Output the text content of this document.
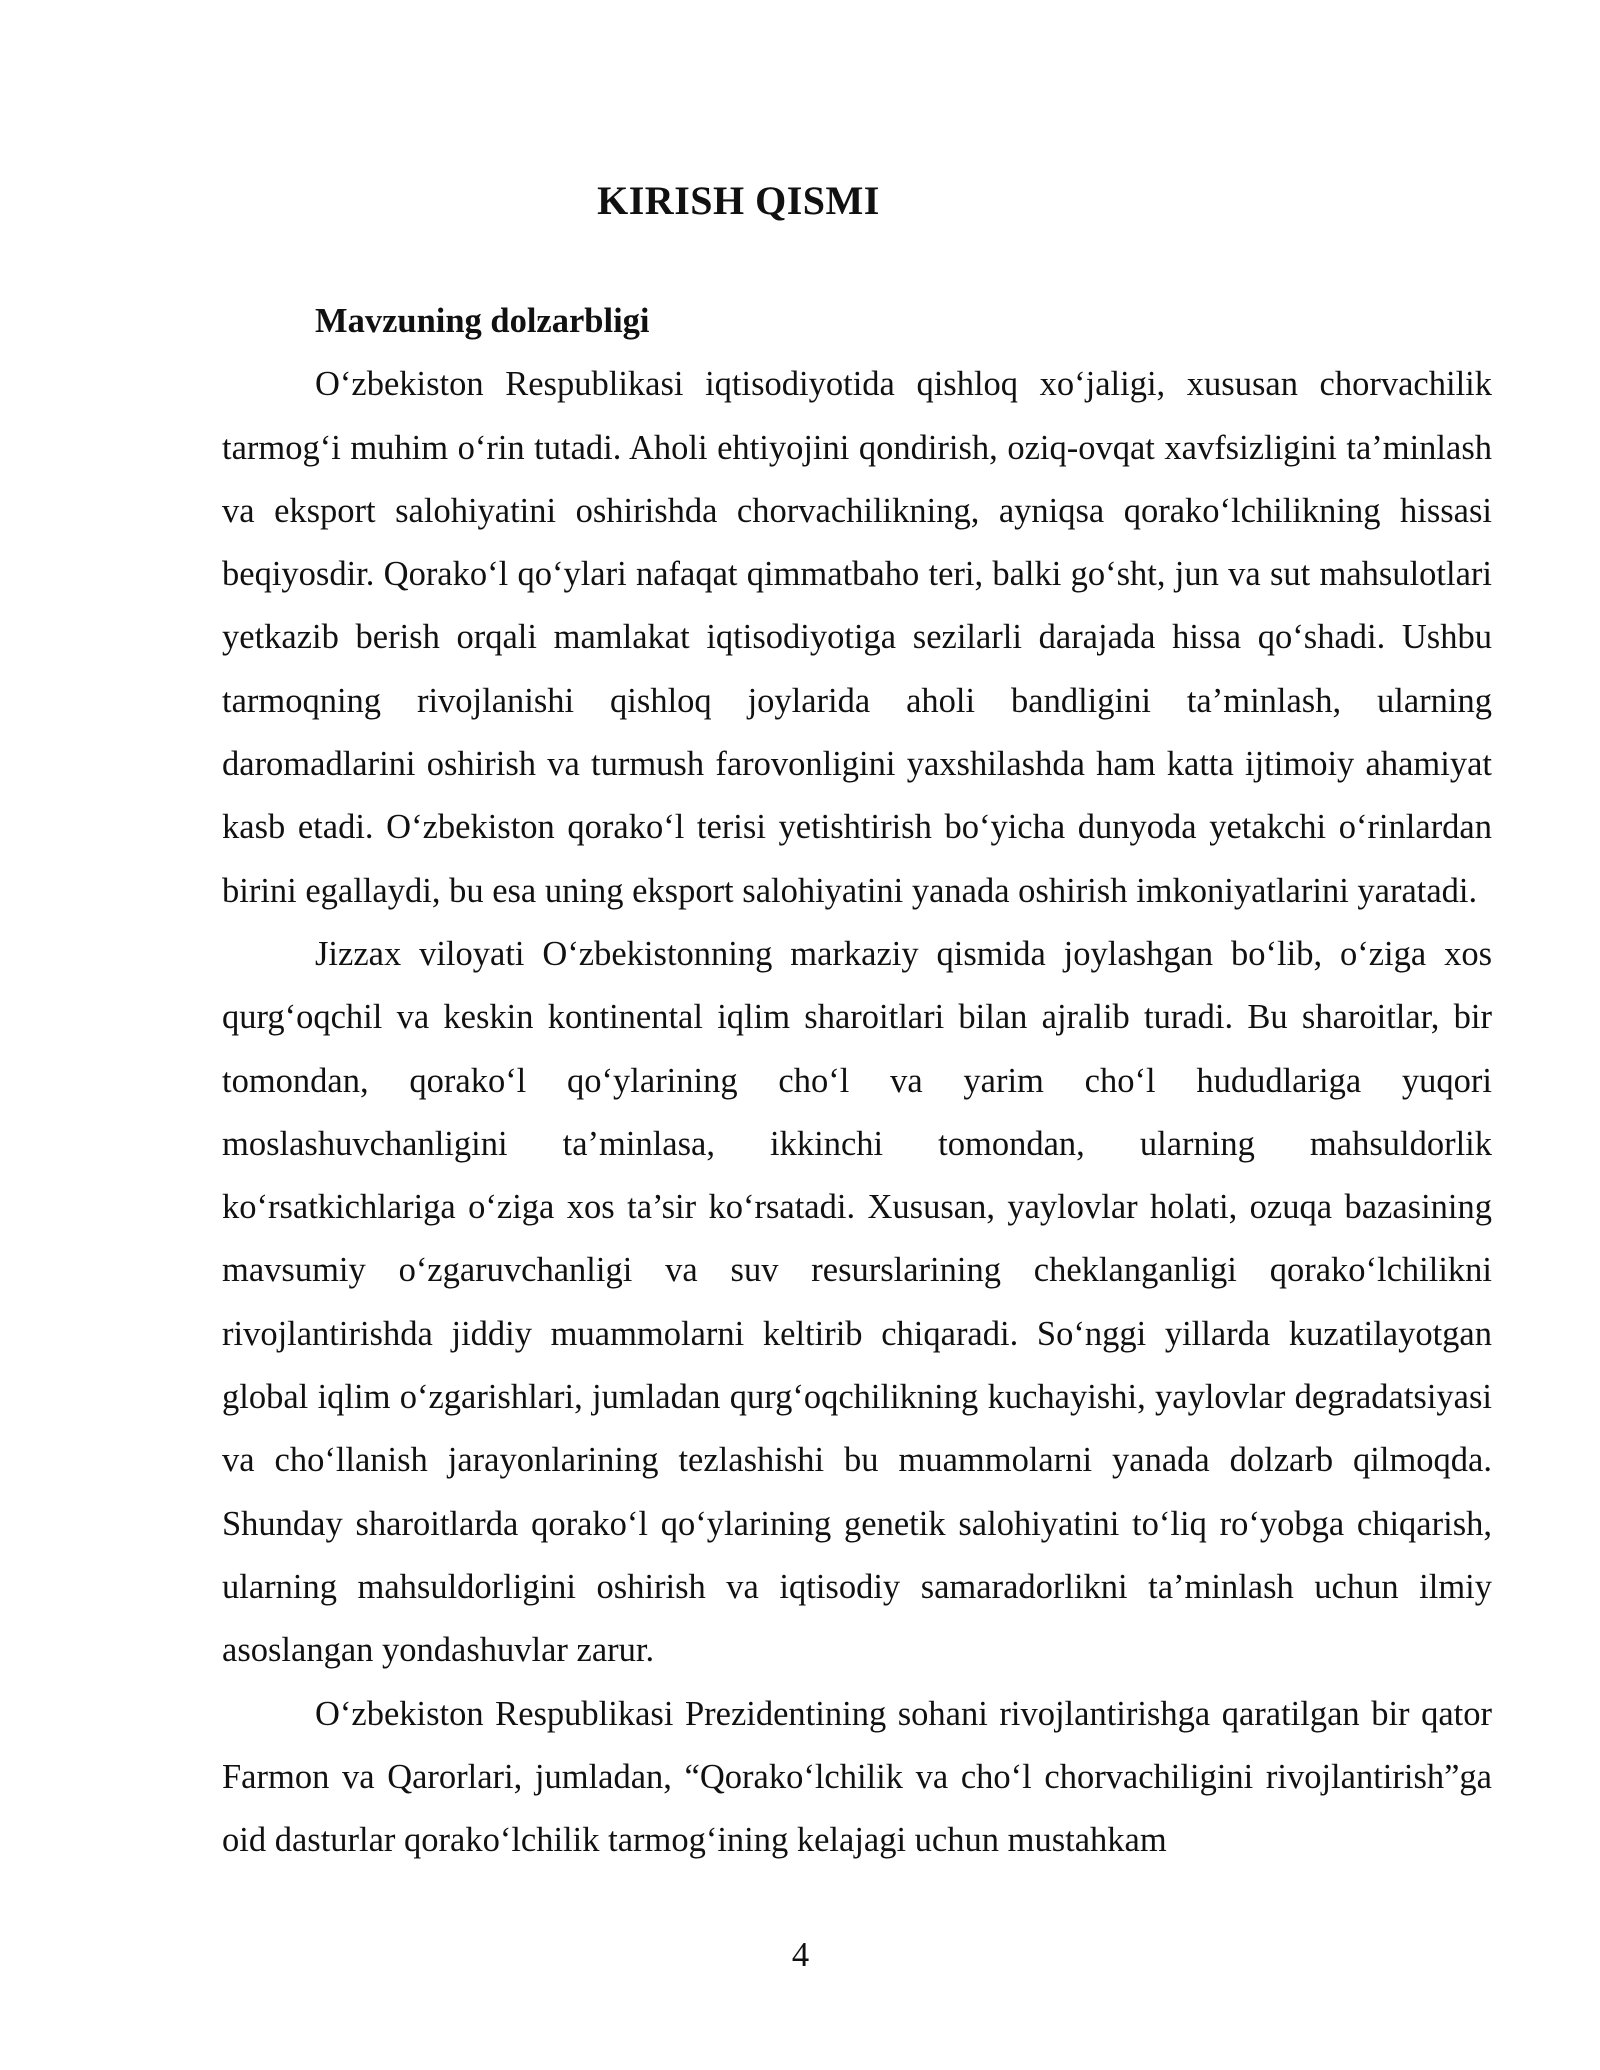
KIRISH QISMI

Mavzuning dolzarbligi

O‘zbekiston Respublikasi iqtisodiyotida qishloq xo‘jaligi, xususan chorvachilik tarmog‘i muhim o‘rin tutadi. Aholi ehtiyojini qondirish, oziq-ovqat xavfsizligini ta’minlash va eksport salohiyatini oshirishda chorvachilikning, ayniqsa qorako‘lchilikning hissasi beqiyosdir. Qorako‘l qo‘ylari nafaqat qimmatbaho teri, balki go‘sht, jun va sut mahsulotlari yetkazib berish orqali mamlakat iqtisodiyotiga sezilarli darajada hissa qo‘shadi. Ushbu tarmoqning rivojlanishi qishloq joylarida aholi bandligini ta’minlash, ularning daromadlarini oshirish va turmush farovonligini yaxshilashda ham katta ijtimoiy ahamiyat kasb etadi. O‘zbekiston qorako‘l terisi yetishtirish bo‘yicha dunyoda yetakchi o‘rinlardan birini egallaydi, bu esa uning eksport salohiyatini yanada oshirish imkoniyatlarini yaratadi.

Jizzax viloyati O‘zbekistonning markaziy qismida joylashgan bo‘lib, o‘ziga xos qurg‘oqchil va keskin kontinental iqlim sharoitlari bilan ajralib turadi. Bu sharoitlar, bir tomondan, qorako‘l qo‘ylarining cho‘l va yarim cho‘l hududlariga yuqori moslashuvchanligini ta’minlasa, ikkinchi tomondan, ularning mahsuldorlik ko‘rsatkichlariga o‘ziga xos ta’sir ko‘rsatadi. Xususan, yaylovlar holati, ozuqa bazasining mavsumiy o‘zgaruvchanligi va suv resurslarining cheklanganligi qorako‘lchilikni rivojlantirishda jiddiy muammolarni keltirib chiqaradi. So‘nggi yillarda kuzatilayotgan global iqlim o‘zgarishlari, jumladan qurg‘oqchilikning kuchayishi, yaylovlar degradatsiyasi va cho‘llanish jarayonlarining tezlashishi bu muammolarni yanada dolzarb qilmoqda. Shunday sharoitlarda qorako‘l qo‘ylarining genetik salohiyatini to‘liq ro‘yobga chiqarish, ularning mahsuldorligini oshirish va iqtisodiy samaradorlikni ta’minlash uchun ilmiy asoslangan yondashuvlar zarur.

O‘zbekiston Respublikasi Prezidentining sohani rivojlantirishga qaratilgan bir qator Farmon va Qarorlari, jumladan, “Qorako‘lchilik va cho‘l chorvachiligini rivojlantirish”ga oid dasturlar qorako‘lchilik tarmog‘ining kelajagi uchun mustahkam

4
